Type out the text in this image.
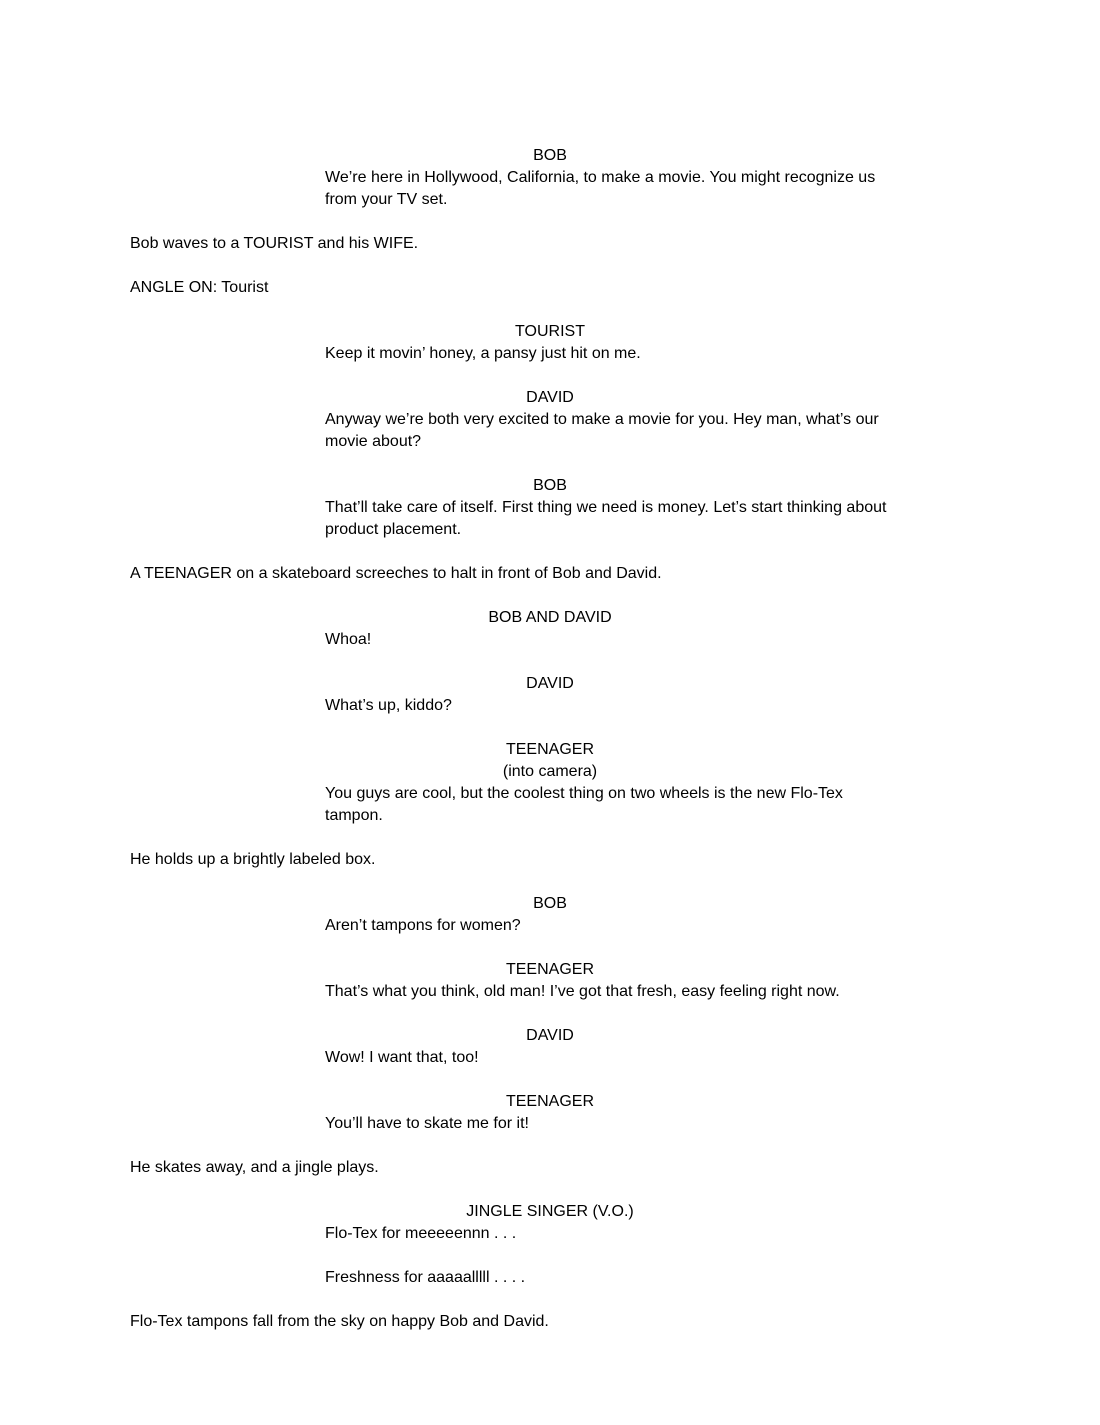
BOB
We’re here in Hollywood, California, to make a movie. You might recognize us
from your TV set.
Bob waves to a TOURIST and his WIFE.
ANGLE ON: Tourist
TOURIST
Keep it movin’ honey, a pansy just hit on me.
DAVID
Anyway we’re both very excited to make a movie for you. Hey man, what’s our
movie about?
BOB
That’ll take care of itself. First thing we need is money. Let’s start thinking about
product placement.
A TEENAGER on a skateboard screeches to halt in front of Bob and David.
BOB AND DAVID
Whoa!
DAVID
What’s up, kiddo?
TEENAGER
(into camera)
You guys are cool, but the coolest thing on two wheels is the new Flo-Tex
tampon.
He holds up a brightly labeled box.
BOB
Aren’t tampons for women?
TEENAGER
That’s what you think, old man! I’ve got that fresh, easy feeling right now.
DAVID
Wow! I want that, too!
TEENAGER
You’ll have to skate me for it!
He skates away, and a jingle plays.
JINGLE SINGER (V.O.)
Flo-Tex for meeeeennn . . .
Freshness for aaaaalllll . . . .
Flo-Tex tampons fall from the sky on happy Bob and David.
